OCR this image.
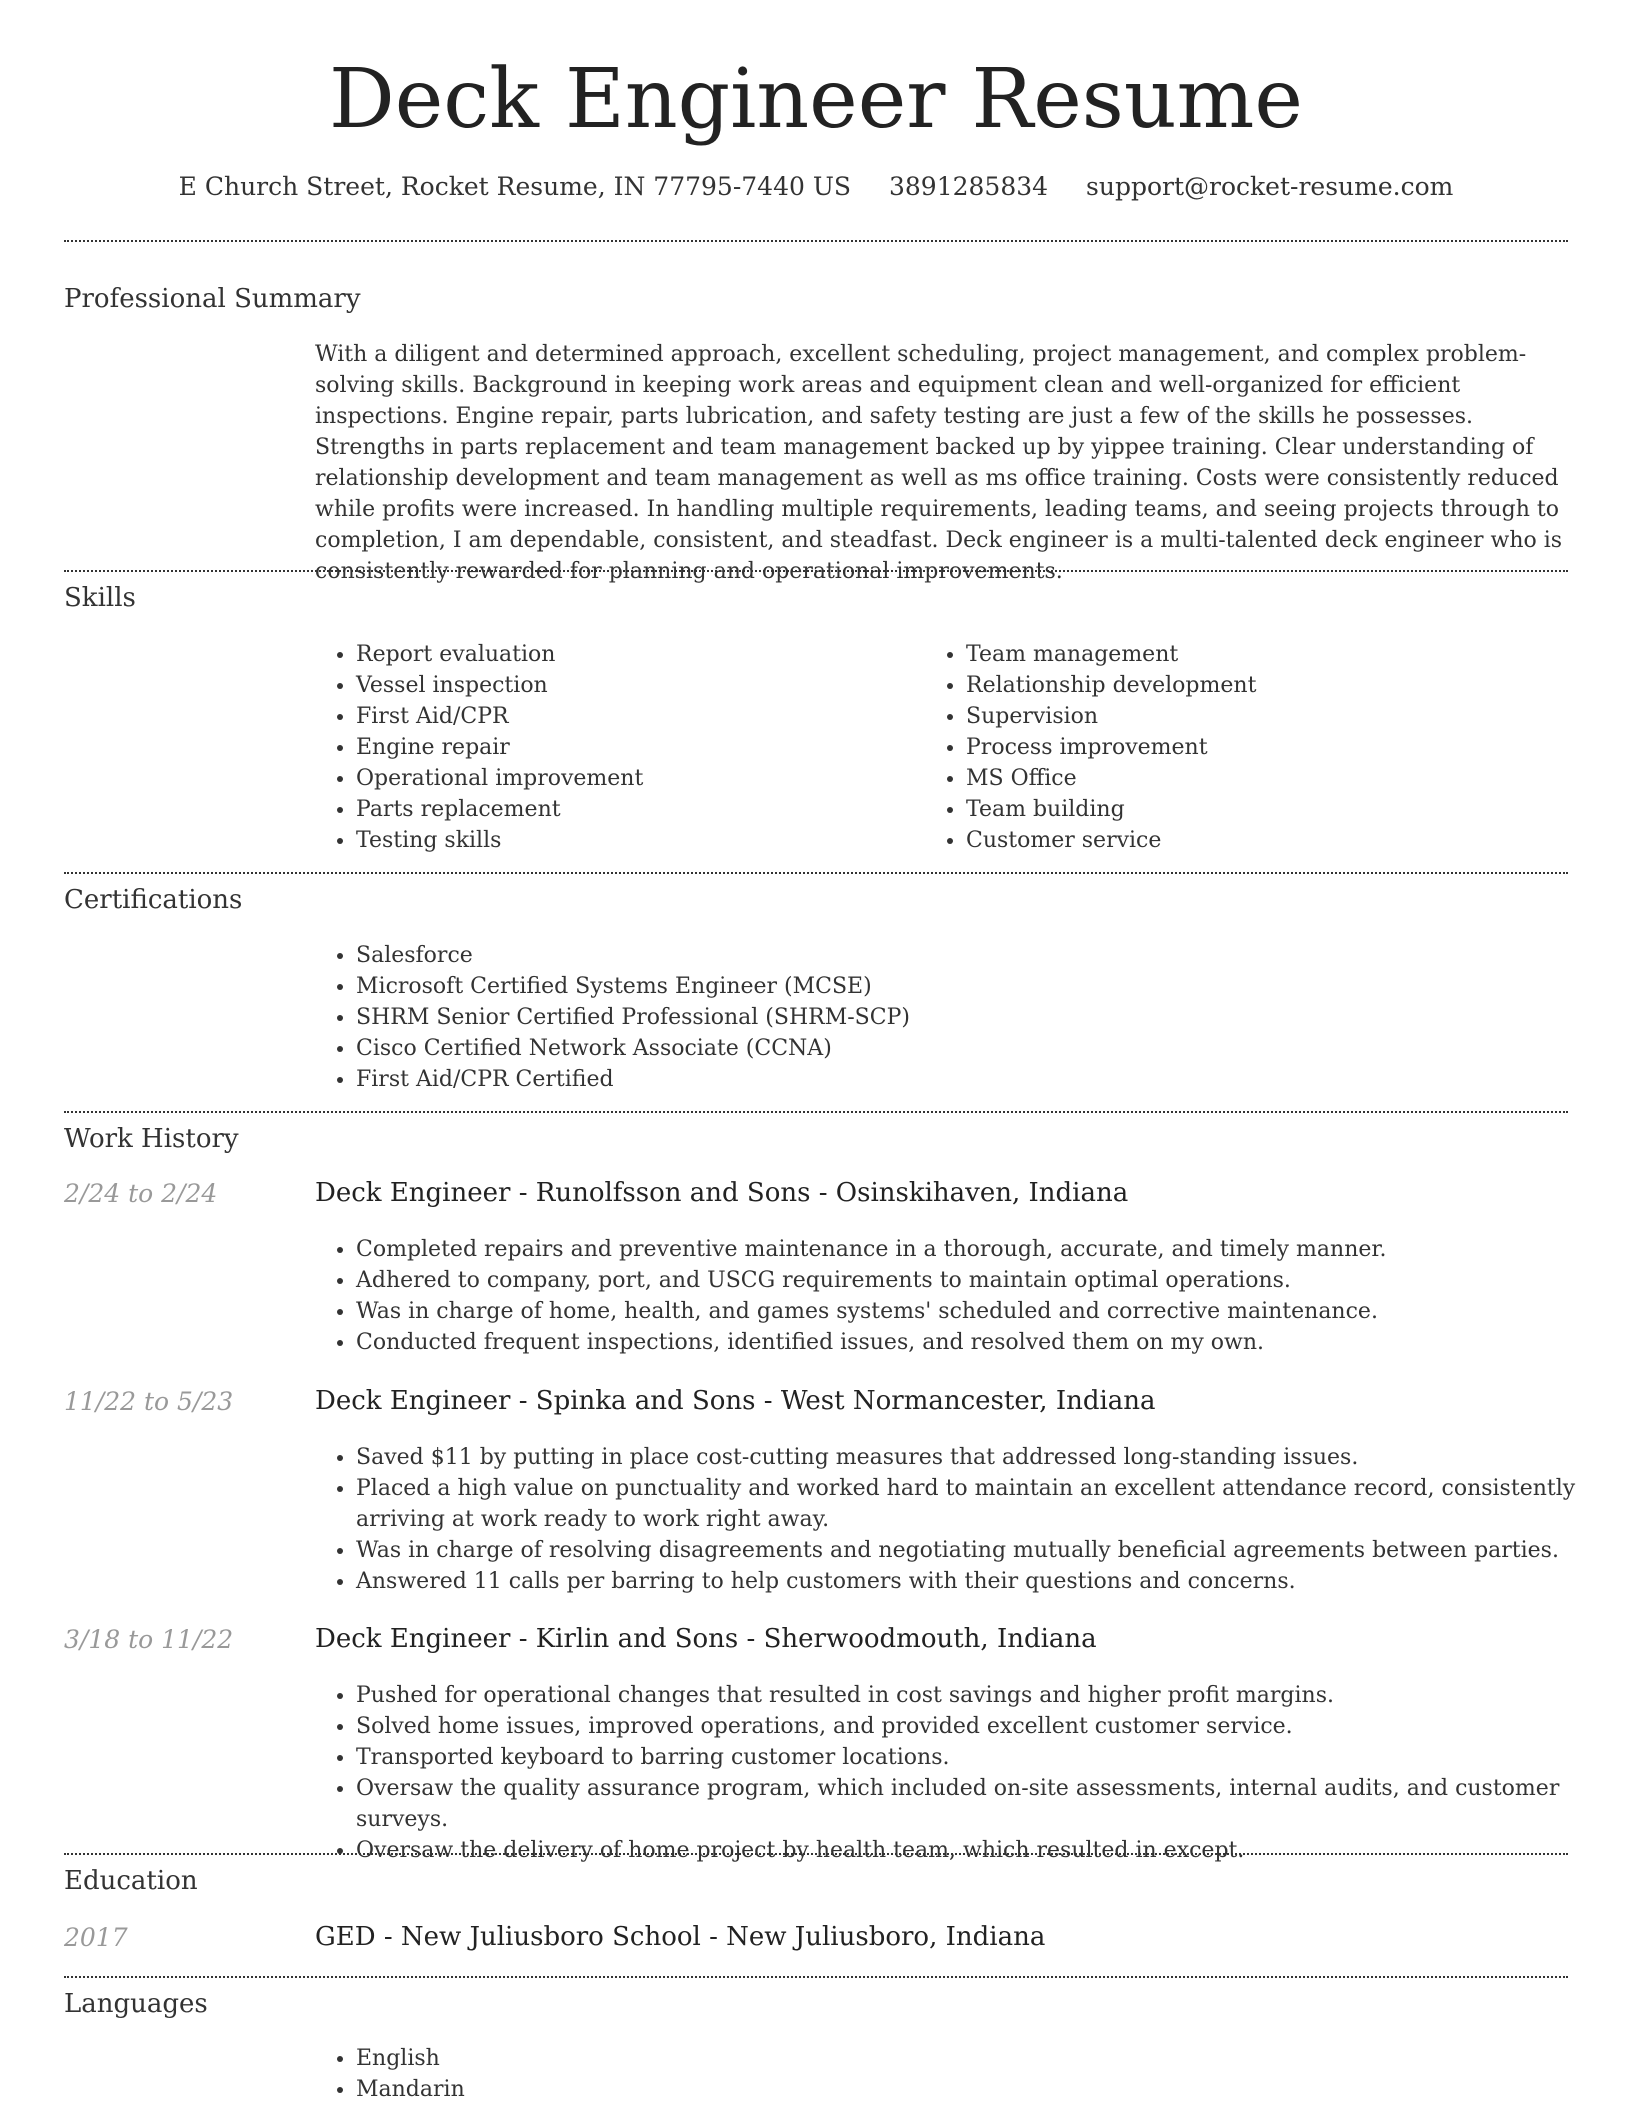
Deck Engineer Resume
E Church Street, Rocket Resume, IN 77795-7440 US 3891285834 support@rocket-resume.com
Professional Summary
With a diligent and determined approach, excellent scheduling, project management, and complex problem-solving skills. Background in keeping work areas and equipment clean and well-organized for efficient inspections. Engine repair, parts lubrication, and safety testing are just a few of the skills he possesses. Strengths in parts replacement and team management backed up by yippee training. Clear understanding of relationship development and team management as well as ms office training. Costs were consistently reduced while profits were increased. In handling multiple requirements, leading teams, and seeing projects through to completion, I am dependable, consistent, and steadfast. Deck engineer is a multi-talented deck engineer who is consistently rewarded for planning and operational improvements.
Skills
• Report evaluation
• Vessel inspection
• First Aid/CPR
• Engine repair
• Operational improvement
• Parts replacement
• Testing skills
• Team management
• Relationship development
• Supervision
• Process improvement
• MS Office
• Team building
• Customer service
Certifications
• Salesforce
• Microsoft Certified Systems Engineer (MCSE)
• SHRM Senior Certified Professional (SHRM-SCP)
• Cisco Certified Network Associate (CCNA)
• First Aid/CPR Certified
Work History
2/24 to 2/24	Deck Engineer - Runolfsson and Sons - Osinskihaven, Indiana
• Completed repairs and preventive maintenance in a thorough, accurate, and timely manner.
• Adhered to company, port, and USCG requirements to maintain optimal operations.
• Was in charge of home, health, and games systems' scheduled and corrective maintenance.
• Conducted frequent inspections, identified issues, and resolved them on my own.
11/22 to 5/23	Deck Engineer - Spinka and Sons - West Normancester, Indiana
• Saved $11 by putting in place cost-cutting measures that addressed long-standing issues.
• Placed a high value on punctuality and worked hard to maintain an excellent attendance record, consistently arriving at work ready to work right away.
• Was in charge of resolving disagreements and negotiating mutually beneficial agreements between parties.
• Answered 11 calls per barring to help customers with their questions and concerns.
3/18 to 11/22	Deck Engineer - Kirlin and Sons - Sherwoodmouth, Indiana
• Pushed for operational changes that resulted in cost savings and higher profit margins.
• Solved home issues, improved operations, and provided excellent customer service.
• Transported keyboard to barring customer locations.
• Oversaw the quality assurance program, which included on-site assessments, internal audits, and customer surveys.
• Oversaw the delivery of home project by health team, which resulted in except.
Education
2017	GED - New Juliusboro School - New Juliusboro, Indiana
Languages
• English
• Mandarin
